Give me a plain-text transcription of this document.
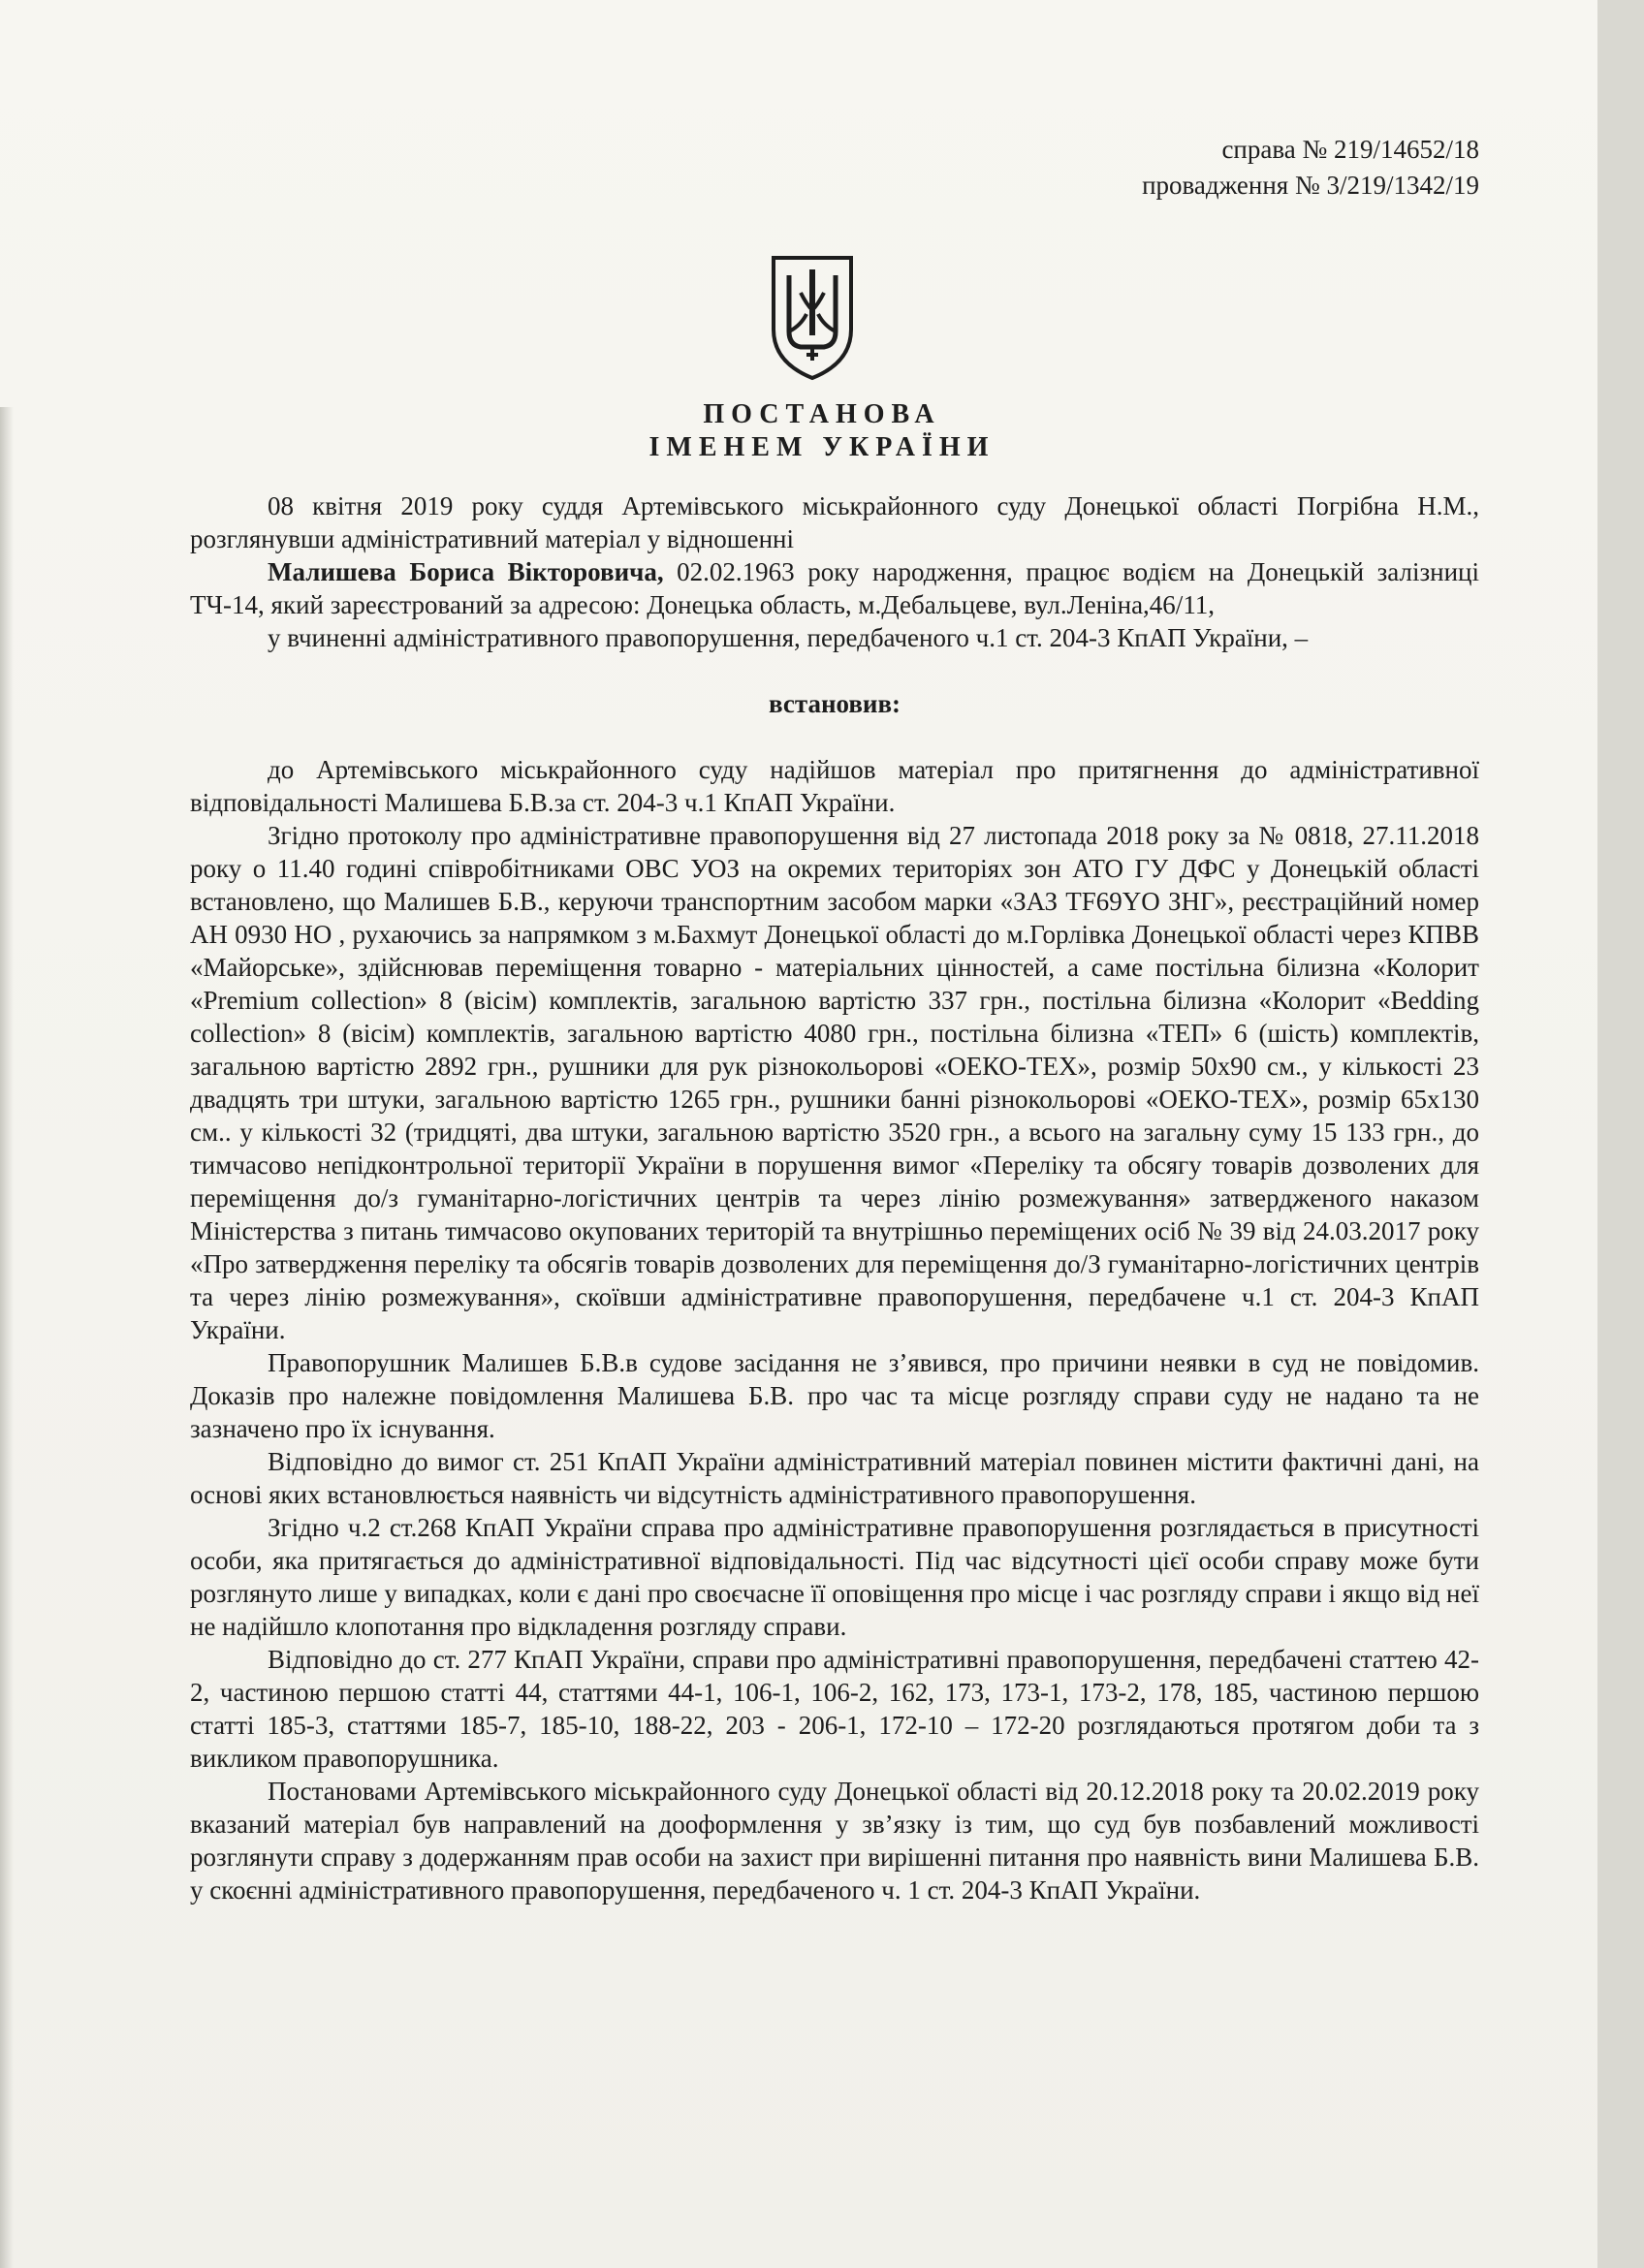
справа № 219/14652/18
провадження № 3/219/1342/19
ПОСТАНОВА
ІМЕНЕМ УКРАЇНИ

08 квітня 2019 року суддя Артемівського міськрайонного суду Донецької області Погрібна Н.М., розглянувши адміністративний матеріал у відношенні

Малишева Бориса Вікторовича, 02.02.1963 року народження, працює водієм на Донецькій залізниці ТЧ-14, який зареєстрований за адресою: Донецька область, м.Дебальцеве, вул.Леніна,46/11,

у вчиненні адміністративного правопорушення, передбаченого ч.1 ст. 204-3 КпАП України, –

встановив:

до Артемівського міськрайонного суду надійшов матеріал про притягнення до адміністративної відповідальності Малишева Б.В.за ст. 204-3 ч.1 КпАП України.

Згідно протоколу про адміністративне правопорушення від 27 листопада 2018 року за № 0818, 27.11.2018 року о 11.40 годині співробітниками ОВС УОЗ на окремих територіях зон АТО ГУ ДФС у Донецькій області встановлено, що Малишев Б.В., керуючи транспортним засобом марки «ЗАЗ TF69YO ЗНГ», реєстраційний номер АН 0930 НО , рухаючись за напрямком з м.Бахмут Донецької області до м.Горлівка Донецької області через КПВВ «Майорське», здійснював переміщення товарно - матеріальних цінностей, а саме постільна білизна «Колорит «Premium collection» 8 (вісім) комплектів, загальною вартістю 337 грн., постільна білизна «Колорит «Bedding collection» 8 (вісім) комплектів, загальною вартістю 4080 грн., постільна білизна «ТЕП» 6 (шість) комплектів, загальною вартістю 2892 грн., рушники для рук різнокольорові «ОЕКО-ТЕХ», розмір 50х90 см., у кількості 23 двадцять три штуки, загальною вартістю 1265 грн., рушники банні різнокольорові «ОЕКО-ТЕХ», розмір 65х130 см.. у кількості 32 (тридцяті, два штуки, загальною вартістю 3520 грн., а всього на загальну суму 15 133 грн., до тимчасово непідконтрольної території України в порушення вимог «Переліку та обсягу товарів дозволених для переміщення до/з гуманітарно-логістичних центрів та через лінію розмежування» затвердженого наказом Міністерства з питань тимчасово окупованих територій та внутрішньо переміщених осіб № 39 від 24.03.2017 року «Про затвердження переліку та обсягів товарів дозволених для переміщення до/З гуманітарно-логістичних центрів та через лінію розмежування», скоївши адміністративне правопорушення, передбачене ч.1 ст. 204-3 КпАП України.

Правопорушник Малишев Б.В.в судове засідання не з’явився, про причини неявки в суд не повідомив. Доказів про належне повідомлення Малишева Б.В. про час та місце розгляду справи суду не надано та не зазначено про їх існування.

Відповідно до вимог ст. 251 КпАП України адміністративний матеріал повинен містити фактичні дані, на основі яких встановлюється наявність чи відсутність адміністративного правопорушення.

Згідно ч.2 ст.268 КпАП України справа про адміністративне правопорушення розглядається в присутності особи, яка притягається до адміністративної відповідальності. Під час відсутності цієї особи справу може бути розглянуто лише у випадках, коли є дані про своєчасне її оповіщення про місце і час розгляду справи і якщо від неї не надійшло клопотання про відкладення розгляду справи.

Відповідно до ст. 277 КпАП України, справи про адміністративні правопорушення, передбачені статтею 42-2, частиною першою статті 44, статтями 44-1, 106-1, 106-2, 162, 173, 173-1, 173-2, 178, 185, частиною першою статті 185-3, статтями 185-7, 185-10, 188-22, 203 - 206-1, 172-10 – 172-20 розглядаються протягом доби та з викликом правопорушника.

Постановами Артемівського міськрайонного суду Донецької області від 20.12.2018 року та 20.02.2019 року вказаний матеріал був направлений на дооформлення у зв’язку із тим, що суд був позбавлений можливості розглянути справу з додержанням прав особи на захист при вирішенні питання про наявність вини Малишева Б.В. у скоєнні адміністративного правопорушення, передбаченого ч. 1 ст. 204-3 КпАП України.
